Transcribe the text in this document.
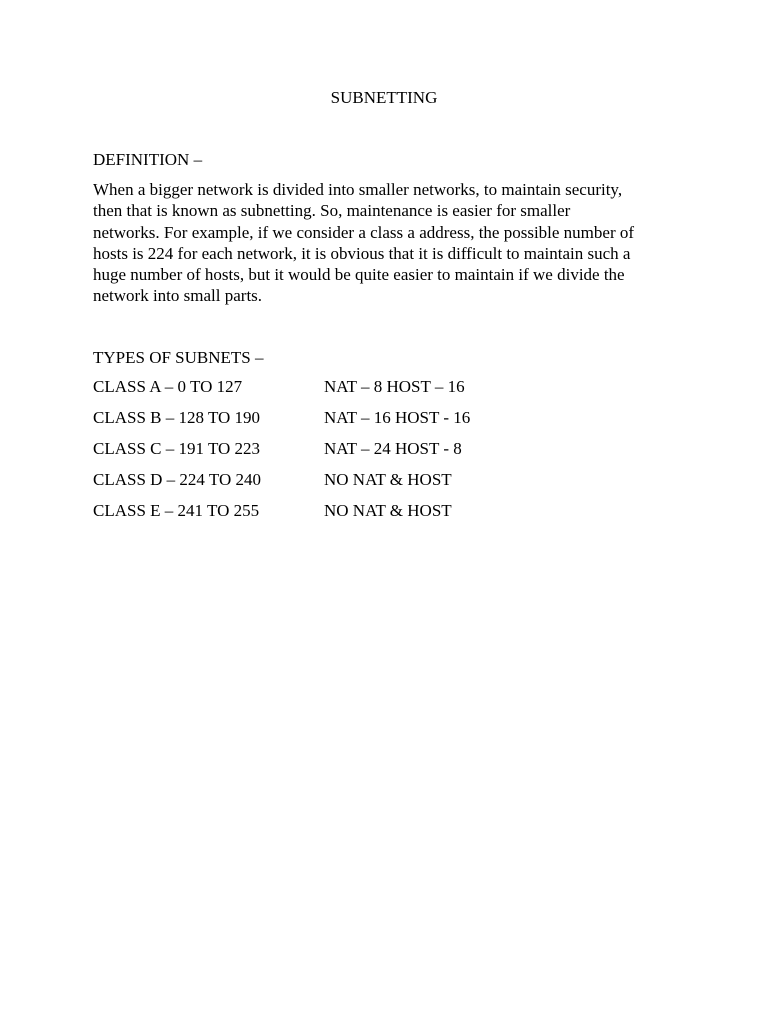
SUBNETTING
DEFINITION –

When a bigger network is divided into smaller networks, to maintain security,
then that is known as subnetting. So, maintenance is easier for smaller
networks. For example, if we consider a class a address, the possible number of
hosts is 224 for each network, it is obvious that it is difficult to maintain such a
huge number of hosts, but it would be quite easier to maintain if we divide the
network into small parts.

TYPES OF SUBNETS –
CLASS A – 0 TO 127	NAT – 8 HOST – 16
CLASS B – 128 TO 190	NAT – 16 HOST - 16
CLASS C – 191 TO 223	NAT – 24 HOST - 8
CLASS D – 224 TO 240	NO NAT & HOST
CLASS E – 241 TO 255	NO NAT & HOST
